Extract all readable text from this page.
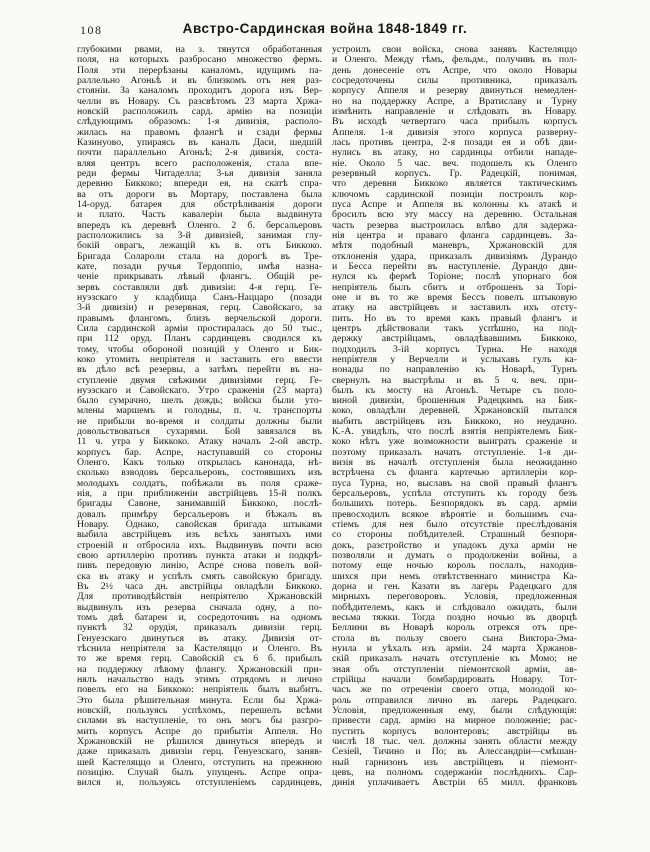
108	Австро-Сардинская война 1848-1849 гг.
глубокими рвами, на з. тянутся обработанныя
поля, на которыхъ разбросано множество фермъ.
Поля эти перерѣзаны каналомъ, идущимъ па-
раллельно Агоньѣ и въ близкомъ отъ нея раз-
стояніи. За каналомъ проходитъ дорога изъ Вер-
челли въ Новару. Съ разсвѣтомъ 23 марта Хржа-
новскій расположилъ сард. армію на позиціи
слѣдующимъ образомъ: 1-я дивизія, располо-
жилась на правомъ флангѣ и сзади фермы
Казинуово, упираясь въ каналъ Даси, шедшій
почти параллельно Агоньѣ; 2-я дивизія, соста-
вляя центръ всего расположенія, стала впе-
реди фермы Читаделла; 3-ья дивизія заняла
деревню Биккоко; впереди ея, на скатѣ спра-
ва отъ дороги въ Мортару, поставлена была
14-оруд. батарея для обстрѣливанія дороги
и плато. Часть кавалеріи была выдвинута
впередъ къ деревнѣ Оленго. 2 б. берсальеровъ
расположились за 3-й дивизіей, занимая глу-
бокій оврагъ, лежащій къ в. отъ Биккоко.
Бригада Солароли стала на дорогѣ въ Тре-
кате, позади ручья Тердоппіо, имѣя назна-
ченіе прикрывать лѣвый флангъ. Общій ре-
зервъ составляли двѣ дивизіи: 4-я герц. Ге-
нуэзскаго у кладбища Санъ-Наццаро (позади
3-й дивизіи) и резервная, герц. Савойскаго, за
правымъ флангомъ, близъ верчельской дороги.
Сила сардинской арміи простиралась до 50 тыс.,
при 112 оруд. Планъ сардинцевъ сводился къ
тому, чтобы обороной позицій у Оленго и Бик-
коко утомить непріятеля и заставить его ввести
въ дѣло всѣ резервы, а затѣмъ перейти въ на-
ступленіе двумя свѣжими дивизіями герц. Ге-
нуэзскаго и Савойскаго. Утро сраженія (23 марта)
было сумрачно, шелъ дождь; войска были уто-
млены маршемъ и голодны, п. ч. транспорты
не прибыли во-время и солдаты должны были
довольствоваться сухарями. Бой завязался въ
11 ч. утра у Биккоко. Атаку началъ 2-ой австр.
корпусъ бар. Аспре, наступавшій со стороны
Оленго. Какъ только открылась канонада, нѣ-
сколько взводовъ берсальеровъ, состоявшихъ изъ
молодыхъ солдатъ, побѣжали въ поля сраже-
нія, а при приближеніи австрійцевъ 15-й полкъ
бригады Савоне, занимавшій Биккоко, послѣ-
довалъ примѣру берсальеровъ и бѣжалъ въ
Новару. Однако, савойская бригада штыками
выбила австрійцевъ изъ всѣхъ занятыхъ ими
строеній и отбросила ихъ. Выдвинувъ почти всю
свою артиллерію противъ пункта атаки и подкрѣ-
пивъ передовую линію, Аспре снова повелъ вой-
ска въ атаку и успѣлъ смять савойскую бригаду.
Въ 2½ часа дн. австрійцы овладѣли Биккоко.
Для противодѣйствія непріятелю Хржановскій
выдвинулъ изъ резерва сначала одну, а по-
томъ двѣ батареи и, сосредоточивъ на одномъ
пунктѣ 32 орудія, приказалъ дивизіи герц.
Генуезскаго двинуться въ атаку. Дивизія от-
тѣснила непріятеля за Кастеляццо и Оленго. Въ
то же время герц. Савойскій съ 6 б. прибылъ
на поддержку лѣвому флангу. Хржановскій при-
нялъ начальство надъ этимъ отрядомъ и лично
повелъ его на Биккоко: непріятель былъ выбитъ.
Это была рѣшительная минута. Если бы Хржа-
новскій, пользуясь успѣхомъ, перешелъ всѣми
силами въ наступленіе, то онъ могъ бы разгро-
мить корпусъ Аспре до прибытія Аппеля. Но
Хржановскій не рѣшился двинуться впередъ и
даже приказалъ дивизіи герц. Генуезскаго, заняв-
шей Кастеляццо и Оленго, отступить на прежнюю
позицію. Случай былъ упущенъ. Аспре опра-
вился и, пользуясь отступленіемъ сардинцевъ,
устроилъ свои войска, снова занявъ Кастеляццо
и Оленго. Между тѣмъ, фельдм., получивъ въ пол-
день донесеніе отъ Аспре, что около Новары
сосредоточены силы противника, приказалъ
корпусу Аппеля и резерву двинуться немедлен-
но на поддержку Аспре, а Вратиславу и Турну
измѣнить направленіе и слѣдовать въ Новару.
Въ исходѣ четвертаго часа прибылъ корпусъ
Аппеля. 1-я дивизія этого корпуса разверну-
лась противъ центра, 2-я позади ея и обѣ дви-
нулись въ атаку, но сардинцы отбили нападе-
ніе. Около 5 час. веч. подошелъ къ Оленго
резервный корпусъ. Гр. Радецкій, понимая,
что деревня Биккоко является тактическимъ
ключомъ сардинской позиціи построилъ кор-
пуса Аспре и Аппеля въ колонны къ атакѣ и
бросилъ всю эту массу на деревню. Остальная
часть резерва выстроилась влѣво для задержа-
нія центра и праваго фланга сардинцевъ. За-
мѣтя подобный маневръ, Хржановскій для
отклоненія удара, приказалъ дивизіямъ Дурандо
и Бесса перейти въ наступленіе. Дурандо дви-
нулся къ фермѣ Торіоне; послѣ упорнаго боя
непріятель былъ сбитъ и отброшенъ за Торі-
оне и въ то же время Бессъ повелъ штыковую
атаку на австрійцевъ и заставилъ ихъ отсту-
пить. Но въ то время какъ правый флангъ и
центръ дѣйствовали такъ успѣшно, на под-
держку австрійцамъ, овладѣвавшимъ Биккоко,
подходилъ 3-ій корпусъ Турна. Не находя
непріятеля у Верчелли и услыхавъ гулъ ка-
нонады по направленію къ Новарѣ, Турнъ
свернулъ на выстрѣлы и въ 5 ч. веч. при-
былъ къ мосту на Агоньѣ. Четыре съ поло-
виной дивизіи, брошенныя Радецкимъ на Бик-
коко, овладѣли деревней. Хржановскій пытался
выбить австрійцевъ изъ Биккоко, но неудачно.
К.-А. увидѣлъ, что послѣ взятія непріятелемъ Бик-
коко нѣтъ уже возможности выиграть сраженіе и
поэтому приказалъ начать отступленіе. 1-я ди-
визія въ началѣ отступленія была неожиданно
встрѣчена съ фланга картечью артиллеріи кор-
пуса Турна, но, выславъ на свой правый флангъ
берсальеровъ, успѣла отступить къ городу безъ
большихъ потерь. Безпорядокъ въ сард. арміи
превосходилъ всякое вѣроятіе и большимъ сча-
стіемъ для нея было отсутствіе преслѣдованія
со стороны побѣдителей. Страшный безпоря-
докъ, разстройство и упадокъ духа арміи не
позволяли и думать о продолженіи войны, а
потому еще ночью король послалъ, находив-
шихся при немъ отвѣтственнаго министра Ка-
дорна и ген. Казати въ лагерь Радецкаго для
мирныхъ переговоровъ. Условія, предложенныя
побѣдителемъ, какъ и слѣдовало ожидать, были
весьма тяжки. Тогда поздно ночью въ дворцѣ
Беллини въ Новарѣ король отрекся отъ пре-
стола въ пользу своего сына Виктора-Эма-
нуила и уѣхалъ изъ арміи. 24 марта Хржанов-
скій приказалъ начать отступленіе къ Момо; не
зная объ отступленіи піемонтской арміи, ав-
стрійцы начали бомбардировать Новару. Тот-
часъ же по отреченіи своего отца, молодой ко-
роль отправился лично въ лагерь Радецкаго.
Условія, предложенныя ему, были слѣдующія:
привести сард. армію на мирное положеніе; рас-
пустить корпусъ волонтеровъ; австрійцы въ
числѣ 18 тыс. чел. должны занять области между
Сезіей, Тичино и По; въ Алессандріи—смѣшан-
ный гарнизонъ изъ австрійцевъ и піемонт-
цевъ, на полномъ содержаніи послѣднихъ. Сар-
динія уплачиваетъ Австріи 65 милл. франковъ
